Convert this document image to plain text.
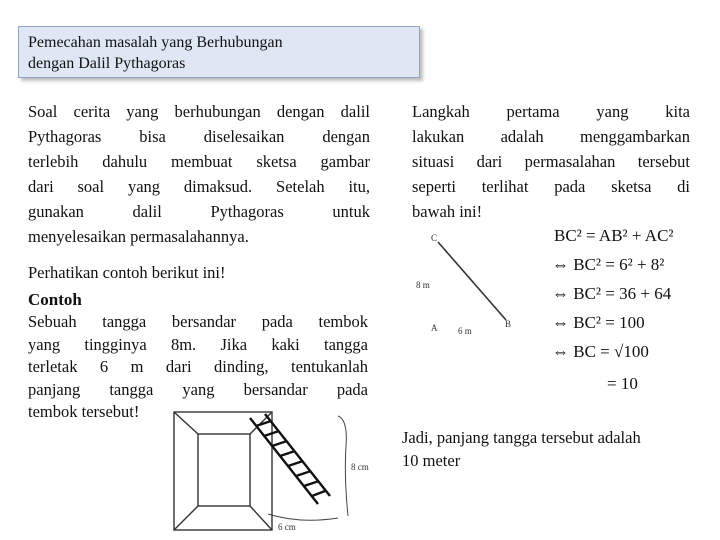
Pemecahan masalah yang Berhubungan
dengan Dalil Pythagoras
Soal cerita yang berhubungan dengan dalil
Pythagoras bisa diselesaikan dengan
terlebih dahulu membuat sketsa gambar
dari soal yang dimaksud. Setelah itu,
gunakan dalil Pythagoras untuk
menyelesaikan permasalahannya.
Perhatikan contoh berikut ini!
Contoh
Sebuah tangga bersandar pada tembok
yang tingginya 8m. Jika kaki tangga
terletak 6 m dari dinding, tentukanlah
panjang tangga yang bersandar pada
tembok tersebut!
Langkah pertama yang kita
lakukan adalah menggambarkan
situasi dari permasalahan tersebut
seperti terlihat pada sketsa di
bawah ini!
C
8 m
A 6 m
B
BC² = AB² + AC²
⇔ BC² = 6² + 8²
⇔ BC² = 36 + 64
⇔ BC² = 100
⇔ BC = √100
= 10
8 cm
6 cm
Jadi, panjang tangga tersebut adalah
10 meter
